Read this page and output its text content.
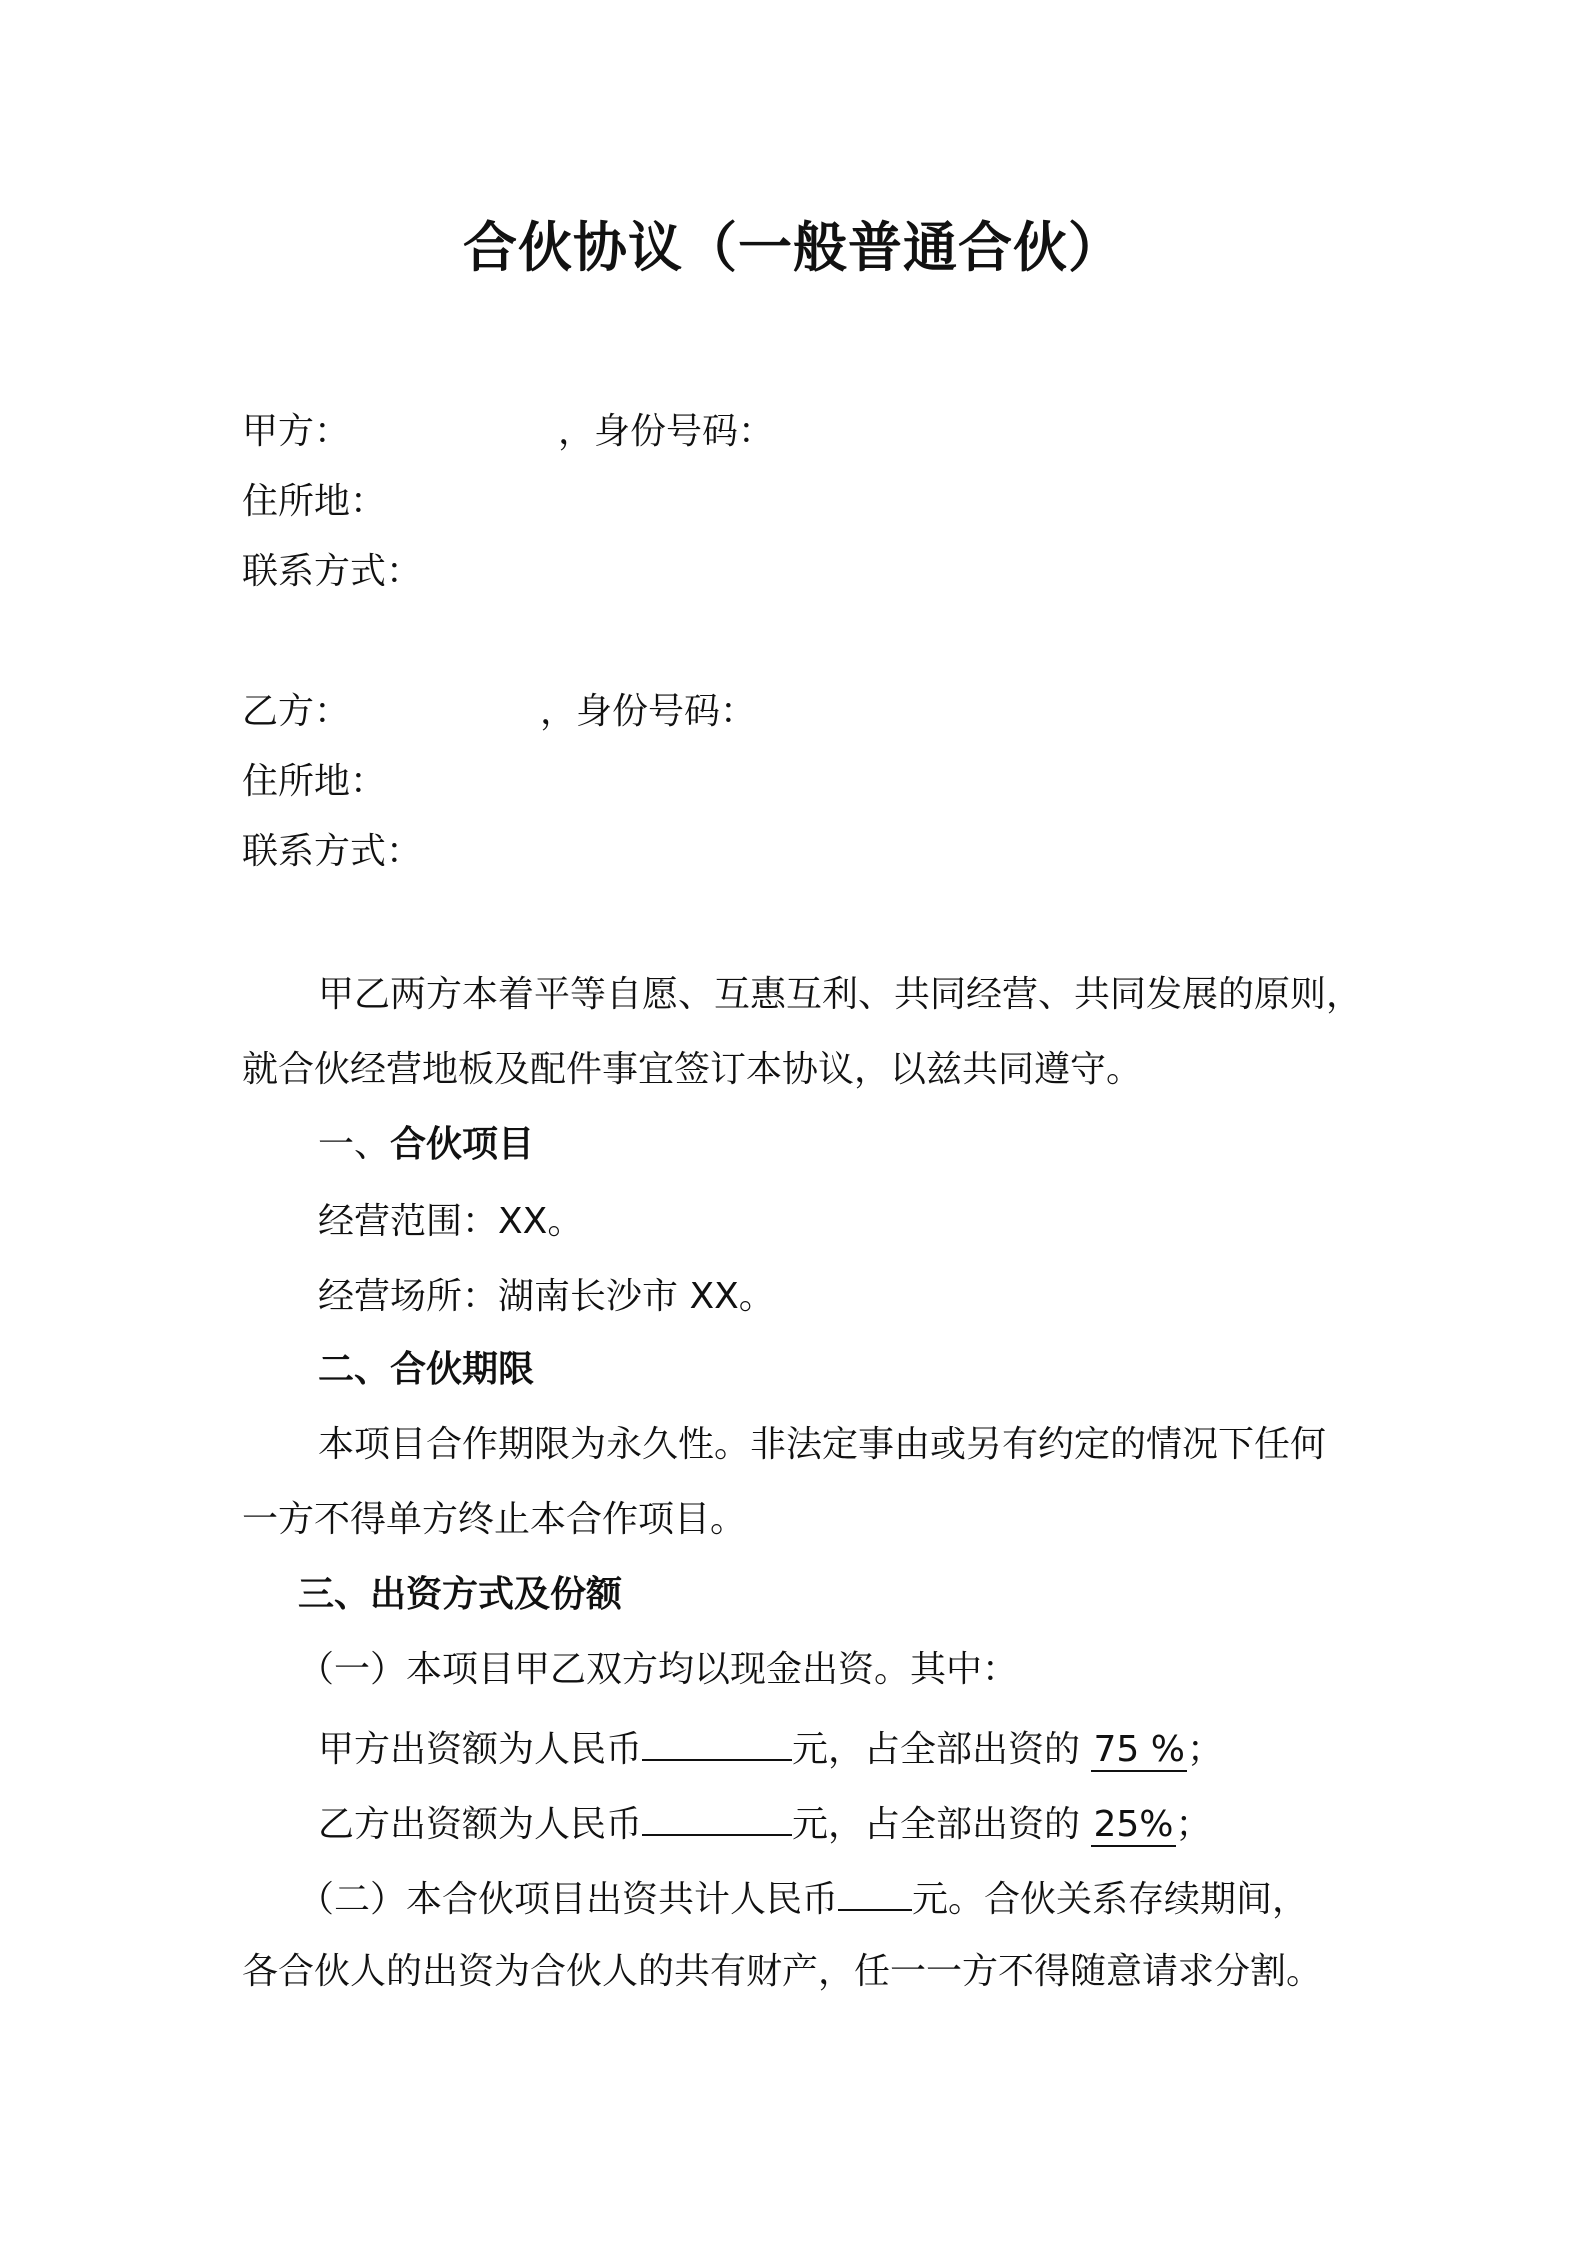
合伙协议（一般普通合伙）
甲方：	，身份号码：
住所地：
联系方式：
乙方：	，身份号码：
住所地：
联系方式：
甲乙两方本着平等自愿、互惠互利、共同经营、共同发展的原则，
就合伙经营地板及配件事宜签订本协议，以兹共同遵守。
一、合伙项目
经营范围：XX。
经营场所：湖南长沙市 XX。
二、合伙期限
本项目合作期限为永久性。非法定事由或另有约定的情况下任何
一方不得单方终止本合作项目。
三、出资方式及份额
（一）本项目甲乙双方均以现金出资。其中：
甲方出资额为人民币	元，占全部出资的 75 %；
乙方出资额为人民币	元，占全部出资的 25%；
（二）本合伙项目出资共计人民币 元。合伙关系存续期间，
各合伙人的出资为合伙人的共有财产，任一一方不得随意请求分割。
